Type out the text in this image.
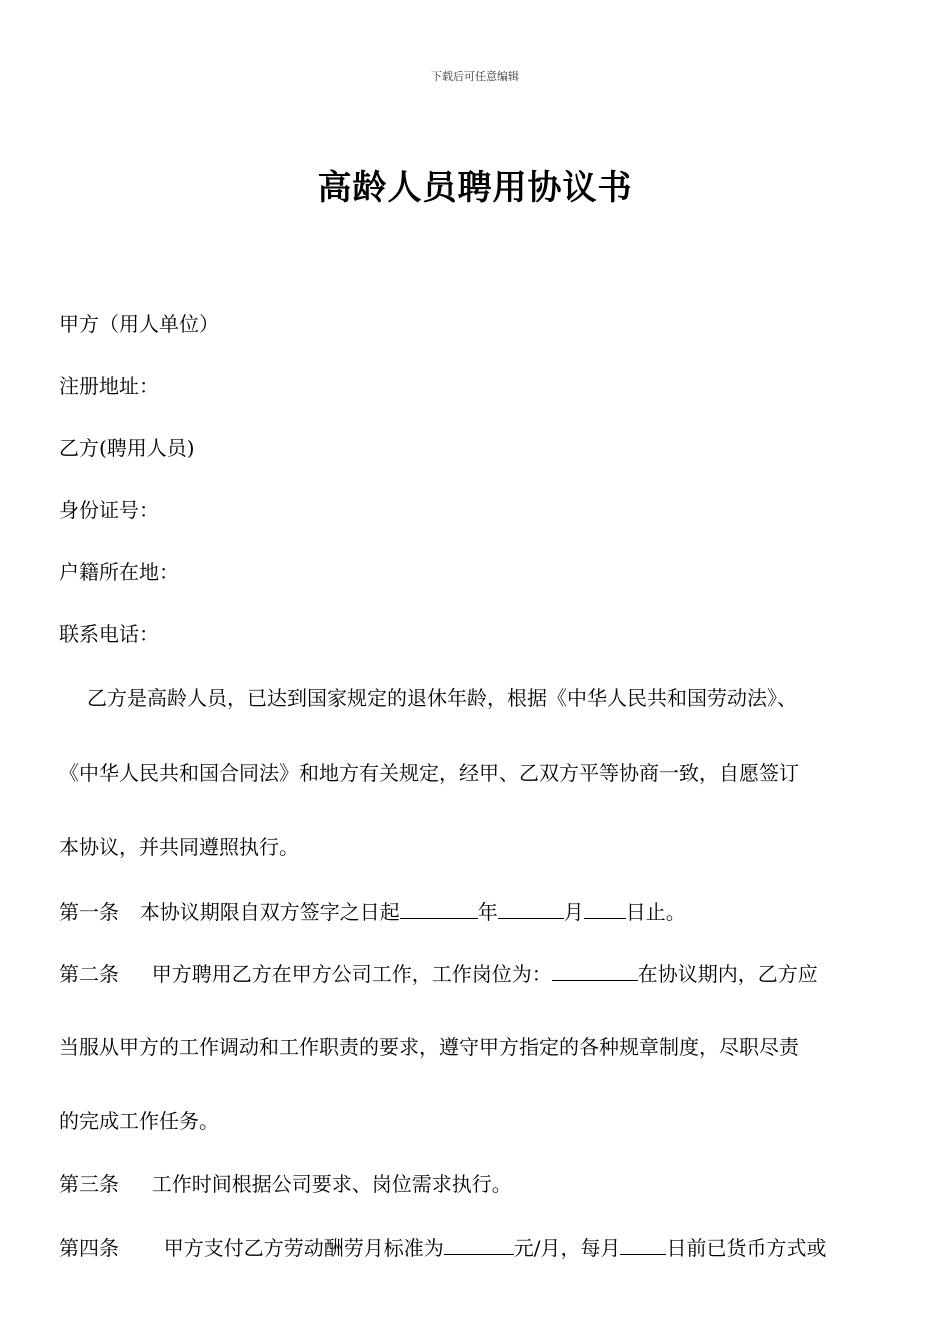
下载后可任意编辑
高龄人员聘用协议书
甲方（用人单位）
注册地址：
乙方(聘用人员)
身份证号：
户籍所在地：
联系电话：
乙方是高龄人员，已达到国家规定的退休年龄，根据《中华人民共和国劳动法》、
《中华人民共和国合同法》和地方有关规定，经甲、乙双方平等协商一致，自愿签订
本协议，并共同遵照执行。
第一条 本协议期限自双方签字之日起	年	月 日止。
第二条 甲方聘用乙方在甲方公司工作，工作岗位为：	在协议期内，乙方应
当服从甲方的工作调动和工作职责的要求，遵守甲方指定的各种规章制度，尽职尽责
的完成工作任务。
第三条 工作时间根据公司要求、岗位需求执行。
第四条 甲方支付乙方劳动酬劳月标准为	元/月，每月 日前已货币方式或
